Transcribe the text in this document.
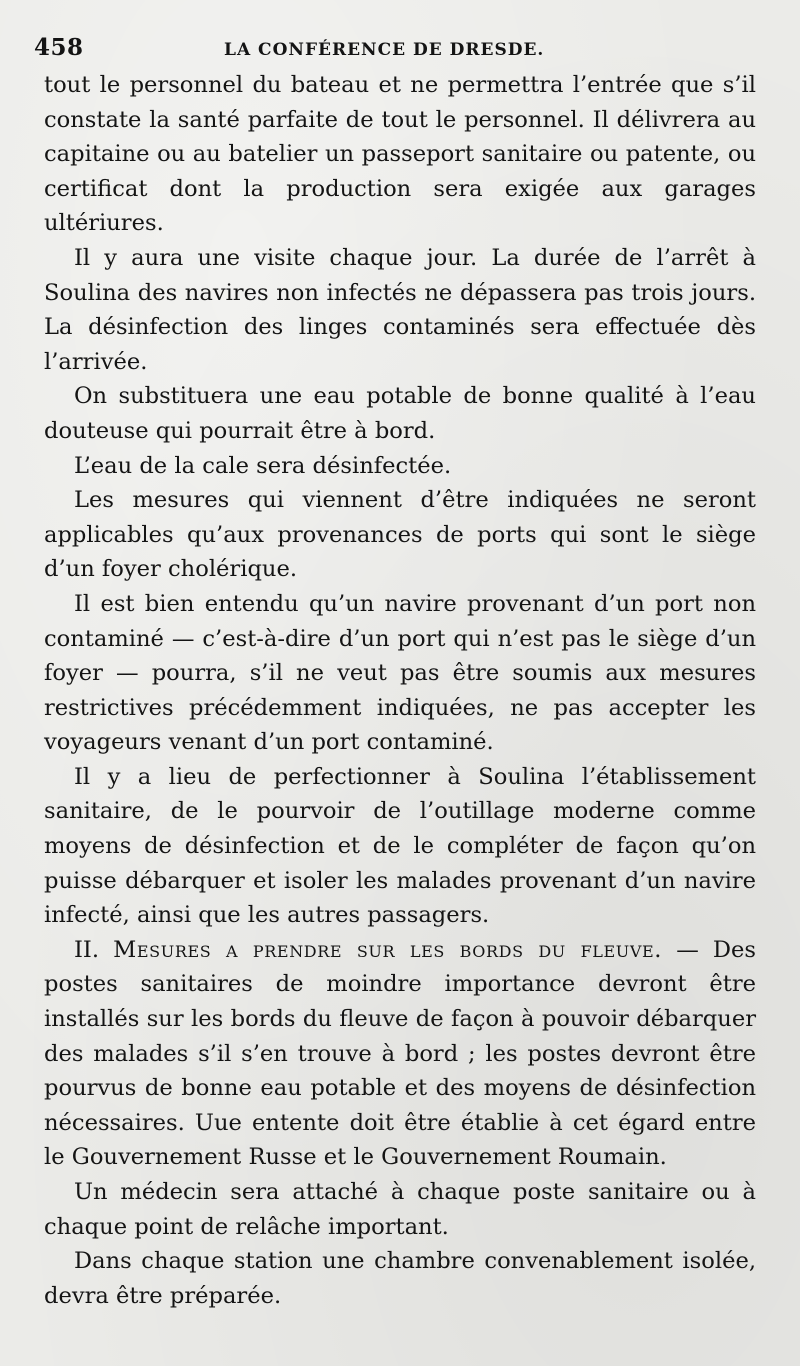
458	LA CONFÉRENCE DE DRESDE.

tout le personnel du bateau et ne permettra l’entrée que s’il constate la santé parfaite de tout le personnel. Il délivrera au capitaine ou au batelier un passeport sanitaire ou patente, ou certificat dont la production sera exigée aux garages ultériures.

Il y aura une visite chaque jour. La durée de l’arrêt à Soulina des navires non infectés ne dépassera pas trois jours. La désinfection des linges contaminés sera effectuée dès l’arrivée.

On substituera une eau potable de bonne qualité à l’eau douteuse qui pourrait être à bord.

L’eau de la cale sera désinfectée.

Les mesures qui viennent d’être indiquées ne seront applicables qu’aux provenances de ports qui sont le siège d’un foyer cholérique.

Il est bien entendu qu’un navire provenant d’un port non contaminé — c’est-à-dire d’un port qui n’est pas le siège d’un foyer — pourra, s’il ne veut pas être soumis aux mesures restrictives précédemment indiquées, ne pas accepter les voyageurs venant d’un port contaminé.

Il y a lieu de perfectionner à Soulina l’établissement sanitaire, de le pourvoir de l’outillage moderne comme moyens de désinfection et de le compléter de façon qu’on puisse débarquer et isoler les malades provenant d’un navire infecté, ainsi que les autres passagers.

II. Mesures a prendre sur les bords du fleuve. — Des postes sanitaires de moindre importance devront être installés sur les bords du fleuve de façon à pouvoir débarquer des malades s’il s’en trouve à bord ; les postes devront être pourvus de bonne eau potable et des moyens de désinfection nécessaires. Uue entente doit être établie à cet égard entre le Gouvernement Russe et le Gouvernement Roumain.

Un médecin sera attaché à chaque poste sanitaire ou à chaque point de relâche important.

Dans chaque station une chambre convenablement isolée, devra être préparée.
